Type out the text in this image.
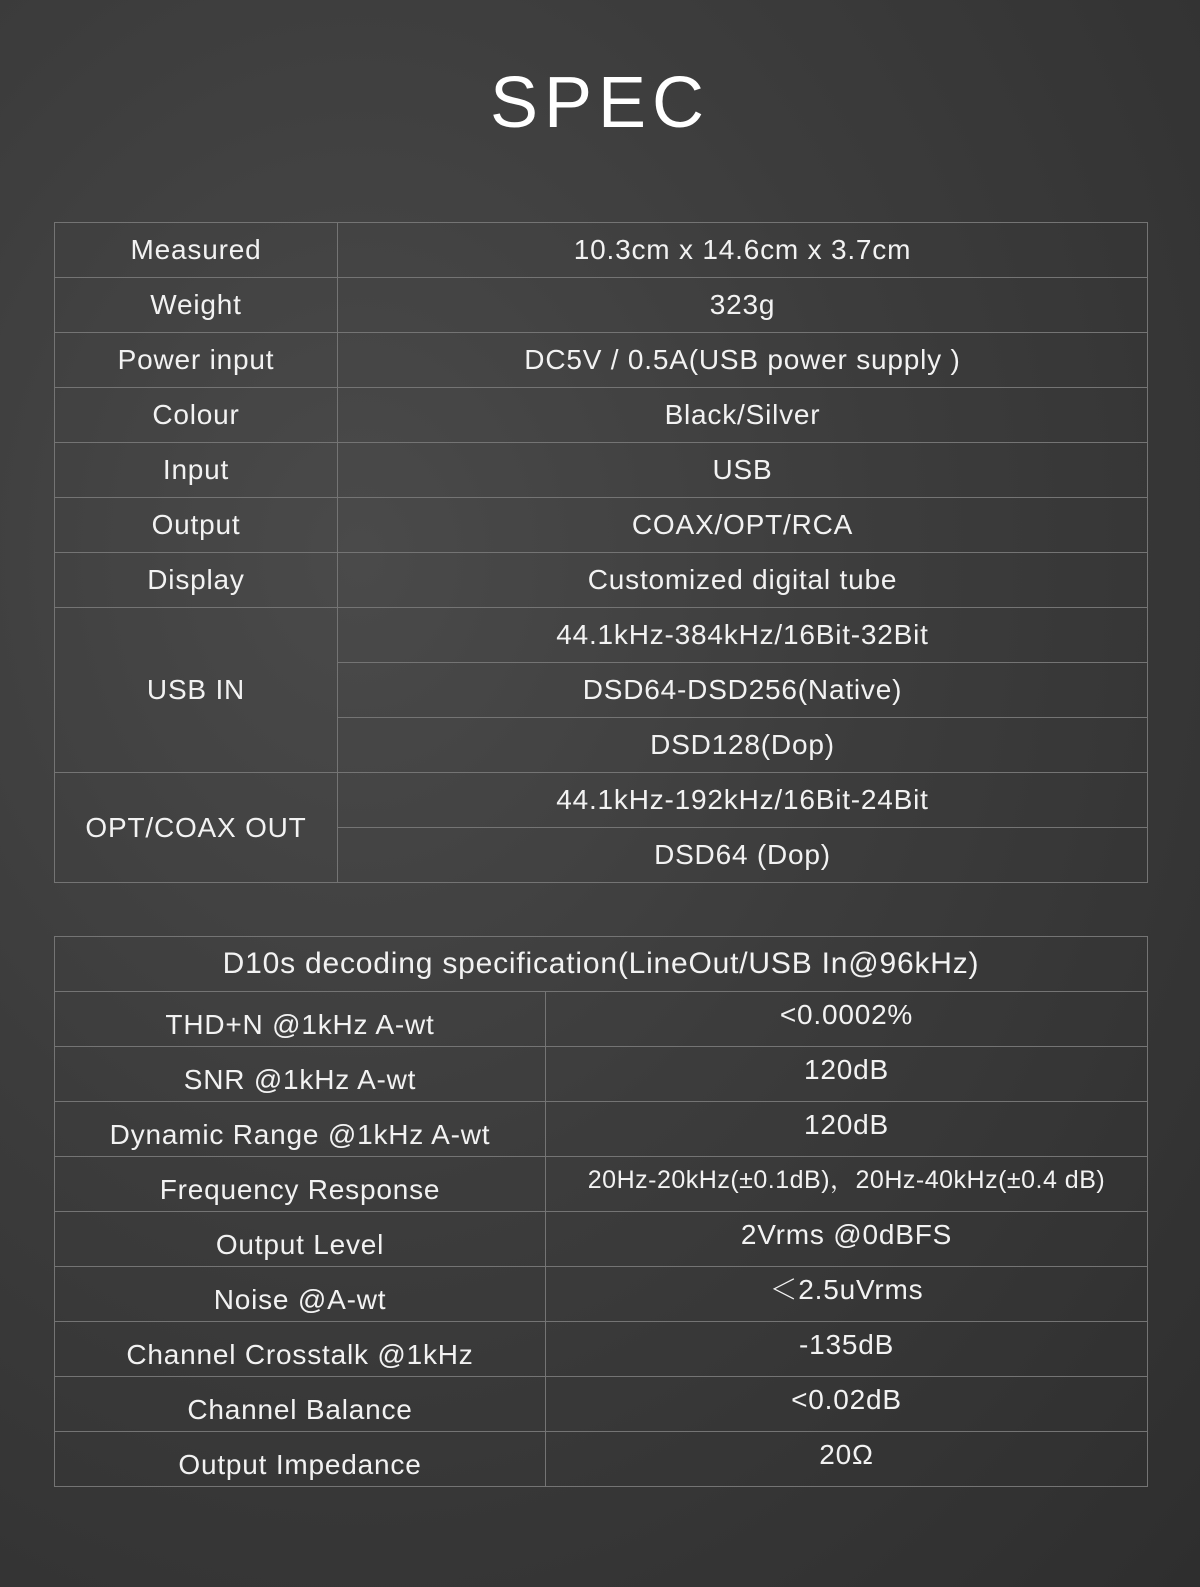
SPEC
Measured	10.3cm x 14.6cm x 3.7cm
Weight	323g
Power input	DC5V / 0.5A(USB power supply )
Colour	Black/Silver
Input	USB
Output	COAX/OPT/RCA
Display	Customized digital tube
USB IN	44.1kHz-384kHz/16Bit-32Bit
	DSD64-DSD256(Native)
	DSD128(Dop)
OPT/COAX OUT	44.1kHz-192kHz/16Bit-24Bit
	DSD64 (Dop)
D10s decoding specification(LineOut/USB In@96kHz)	
THD+N @1kHz A-wt	<0.0002%
SNR @1kHz A-wt	120dB
Dynamic Range @1kHz A-wt	120dB
Frequency Response	20Hz-20kHz(±0.1dB)，20Hz-40kHz(±0.4 dB)
Output Level	2Vrms @0dBFS
Noise @A-wt	＜2.5uVrms
Channel Crosstalk @1kHz	-135dB
Channel Balance	<0.02dB
Output Impedance	20Ω
